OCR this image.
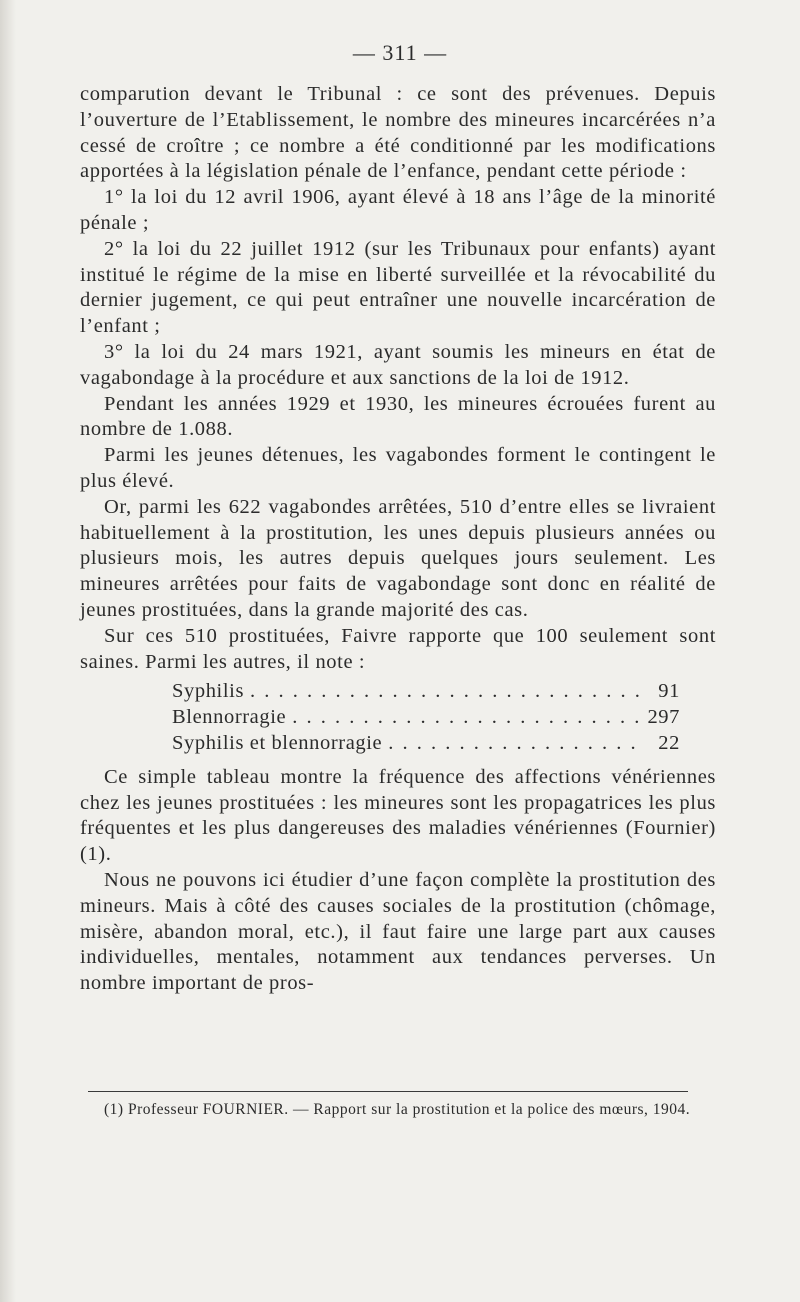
— 311 —

comparution devant le Tribunal : ce sont des prévenues. Depuis l’ouverture de l’Etablissement, le nombre des mineures incarcérées n’a cessé de croître ; ce nombre a été conditionné par les modifications apportées à la législation pénale de l’enfance, pendant cette période :

1° la loi du 12 avril 1906, ayant élevé à 18 ans l’âge de la minorité pénale ;

2° la loi du 22 juillet 1912 (sur les Tribunaux pour enfants) ayant institué le régime de la mise en liberté surveillée et la révocabilité du dernier jugement, ce qui peut entraîner une nouvelle incarcération de l’enfant ;

3° la loi du 24 mars 1921, ayant soumis les mineurs en état de vagabondage à la procédure et aux sanctions de la loi de 1912.

Pendant les années 1929 et 1930, les mineures écrouées furent au nombre de 1.088.

Parmi les jeunes détenues, les vagabondes forment le contingent le plus élevé.

Or, parmi les 622 vagabondes arrêtées, 510 d’entre elles se livraient habituellement à la prostitution, les unes depuis plusieurs années ou plusieurs mois, les autres depuis quelques jours seulement. Les mineures arrêtées pour faits de vagabondage sont donc en réalité de jeunes prostituées, dans la grande majorité des cas.

Sur ces 510 prostituées, Faivre rapporte que 100 seulement sont saines. Parmi les autres, il note :

Syphilis . . .	91
Blennorragie . . .	297
Syphilis et blennorragie . . .	22

Ce simple tableau montre la fréquence des affections vénériennes chez les jeunes prostituées : les mineures sont les propagatrices les plus fréquentes et les plus dangereuses des maladies vénériennes (Fournier) (1).

Nous ne pouvons ici étudier d’une façon complète la prostitution des mineurs. Mais à côté des causes sociales de la prostitution (chômage, misère, abandon moral, etc.), il faut faire une large part aux causes individuelles, mentales, notamment aux tendances perverses. Un nombre important de pros-

(1) Professeur FOURNIER. — Rapport sur la prostitution et la police des mœurs, 1904.
